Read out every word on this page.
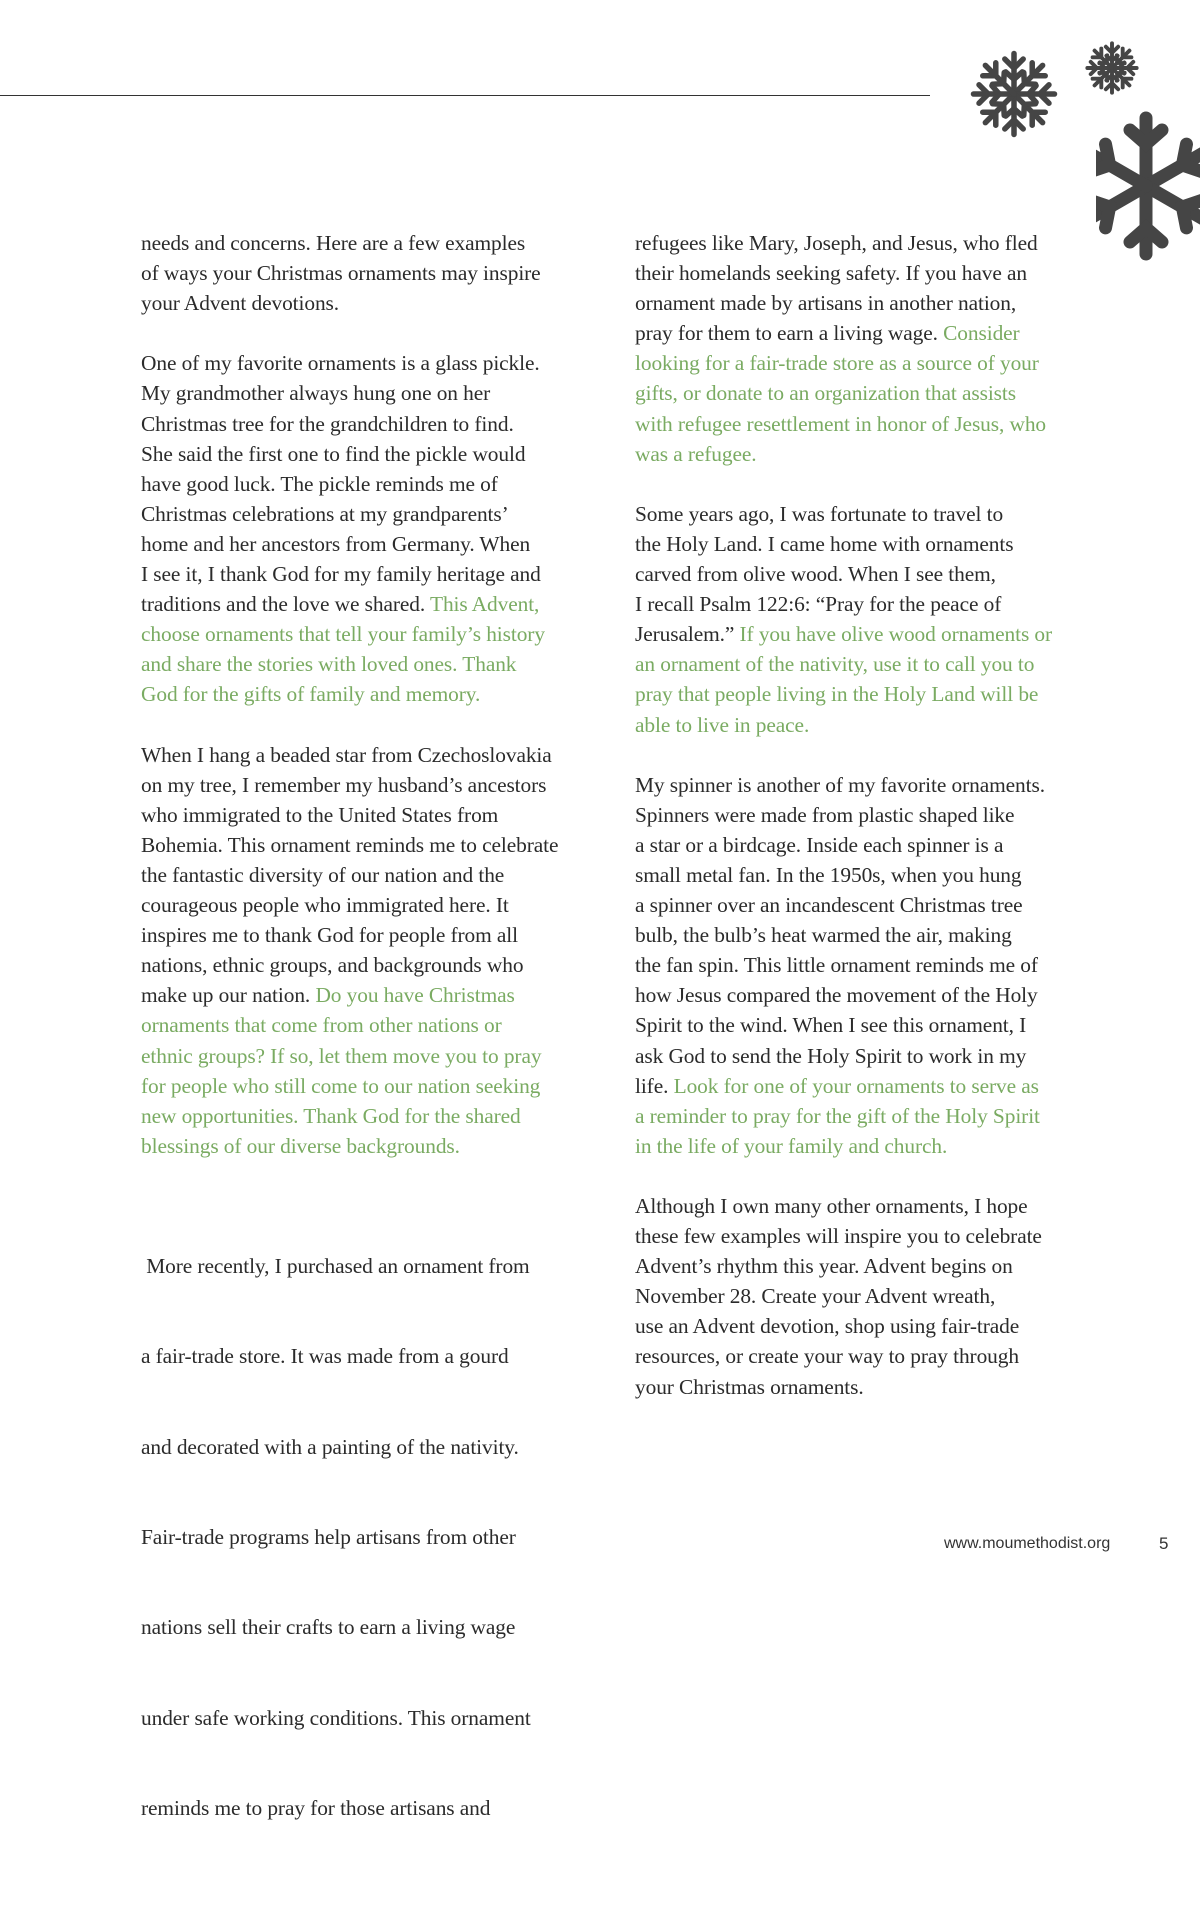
needs and concerns. Here are a few examples
of ways your Christmas ornaments may inspire
your Advent devotions.

One of my favorite ornaments is a glass pickle.
My grandmother always hung one on her
Christmas tree for the grandchildren to find.
She said the first one to find the pickle would
have good luck. The pickle reminds me of
Christmas celebrations at my grandparents’
home and her ancestors from Germany. When
I see it, I thank God for my family heritage and
traditions and the love we shared. This Advent,
choose ornaments that tell your family’s history
and share the stories with loved ones. Thank
God for the gifts of family and memory.

When I hang a beaded star from Czechoslovakia
on my tree, I remember my husband’s ancestors
who immigrated to the United States from
Bohemia. This ornament reminds me to celebrate
the fantastic diversity of our nation and the
courageous people who immigrated here. It
inspires me to thank God for people from all
nations, ethnic groups, and backgrounds who
make up our nation. Do you have Christmas
ornaments that come from other nations or
ethnic groups? If so, let them move you to pray
for people who still come to our nation seeking
new opportunities. Thank God for the shared
blessings of our diverse backgrounds.

More recently, I purchased an ornament from

a fair-trade store. It was made from a gourd

and decorated with a painting of the nativity.

Fair-trade programs help artisans from other

nations sell their crafts to earn a living wage

under safe working conditions. This ornament

reminds me to pray for those artisans and

refugees like Mary, Joseph, and Jesus, who fled
their homelands seeking safety. If you have an
ornament made by artisans in another nation,
pray for them to earn a living wage. Consider
looking for a fair-trade store as a source of your
gifts, or donate to an organization that assists
with refugee resettlement in honor of Jesus, who
was a refugee.

Some years ago, I was fortunate to travel to
the Holy Land. I came home with ornaments
carved from olive wood. When I see them,
I recall Psalm 122:6: “Pray for the peace of
Jerusalem.” If you have olive wood ornaments or
an ornament of the nativity, use it to call you to
pray that people living in the Holy Land will be
able to live in peace.

My spinner is another of my favorite ornaments.
Spinners were made from plastic shaped like
a star or a birdcage. Inside each spinner is a
small metal fan. In the 1950s, when you hung
a spinner over an incandescent Christmas tree
bulb, the bulb’s heat warmed the air, making
the fan spin. This little ornament reminds me of
how Jesus compared the movement of the Holy
Spirit to the wind. When I see this ornament, I
ask God to send the Holy Spirit to work in my
life. Look for one of your ornaments to serve as
a reminder to pray for the gift of the Holy Spirit
in the life of your family and church.

Although I own many other ornaments, I hope
these few examples will inspire you to celebrate
Advent’s rhythm this year. Advent begins on
November 28. Create your Advent wreath,
use an Advent devotion, shop using fair-trade
resources, or create your way to pray through
your Christmas ornaments.

www.moumethodist.org	5
